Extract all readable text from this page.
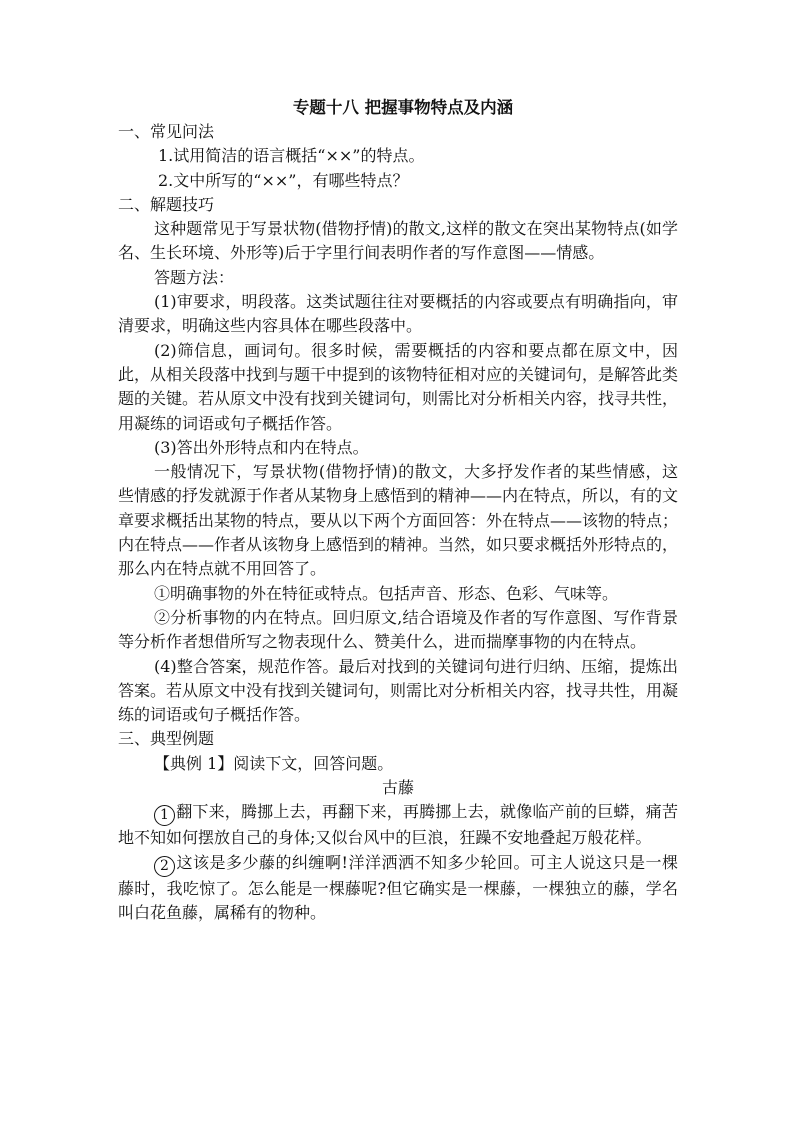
专题十八 把握事物特点及内涵
一、常见问法
1.试用简洁的语言概括“××”的特点。
2.文中所写的“××”，有哪些特点？
二、解题技巧
这种题常见于写景状物(借物抒情)的散文,这样的散文在突出某物特点(如学名、生长环境、外形等)后于字里行间表明作者的写作意图——情感。
答题方法：
(1)审要求，明段落。这类试题往往对要概括的内容或要点有明确指向，审清要求，明确这些内容具体在哪些段落中。
(2)筛信息，画词句。很多时候，需要概括的内容和要点都在原文中，因此，从相关段落中找到与题干中提到的该物特征相对应的关键词句，是解答此类题的关键。若从原文中没有找到关键词句，则需比对分析相关内容，找寻共性，用凝练的词语或句子概括作答。
(3)答出外形特点和内在特点。
一般情况下，写景状物(借物抒情)的散文，大多抒发作者的某些情感，这些情感的抒发就源于作者从某物身上感悟到的精神——内在特点，所以，有的文章要求概括出某物的特点，要从以下两个方面回答：外在特点——该物的特点；内在特点——作者从该物身上感悟到的精神。当然，如只要求概括外形特点的，那么内在特点就不用回答了。
①明确事物的外在特征或特点。包括声音、形态、色彩、气味等。
②分析事物的内在特点。回归原文,结合语境及作者的写作意图、写作背景等分析作者想借所写之物表现什么、赞美什么，进而揣摩事物的内在特点。
(4)整合答案，规范作答。最后对找到的关键词句进行归纳、压缩，提炼出答案。若从原文中没有找到关键词句，则需比对分析相关内容，找寻共性，用凝练的词语或句子概括作答。
三、典型例题
【典例 1】阅读下文，回答问题。
古藤
1 翻下来，腾挪上去，再翻下来，再腾挪上去，就像临产前的巨蟒，痛苦地不知如何摆放自己的身体;又似台风中的巨浪，狂躁不安地叠起万般花样。
2 这该是多少藤的纠缠啊!洋洋洒洒不知多少轮回。可主人说这只是一棵藤时，我吃惊了。怎么能是一棵藤呢?但它确实是一棵藤，一棵独立的藤，学名叫白花鱼藤，属稀有的物种。
